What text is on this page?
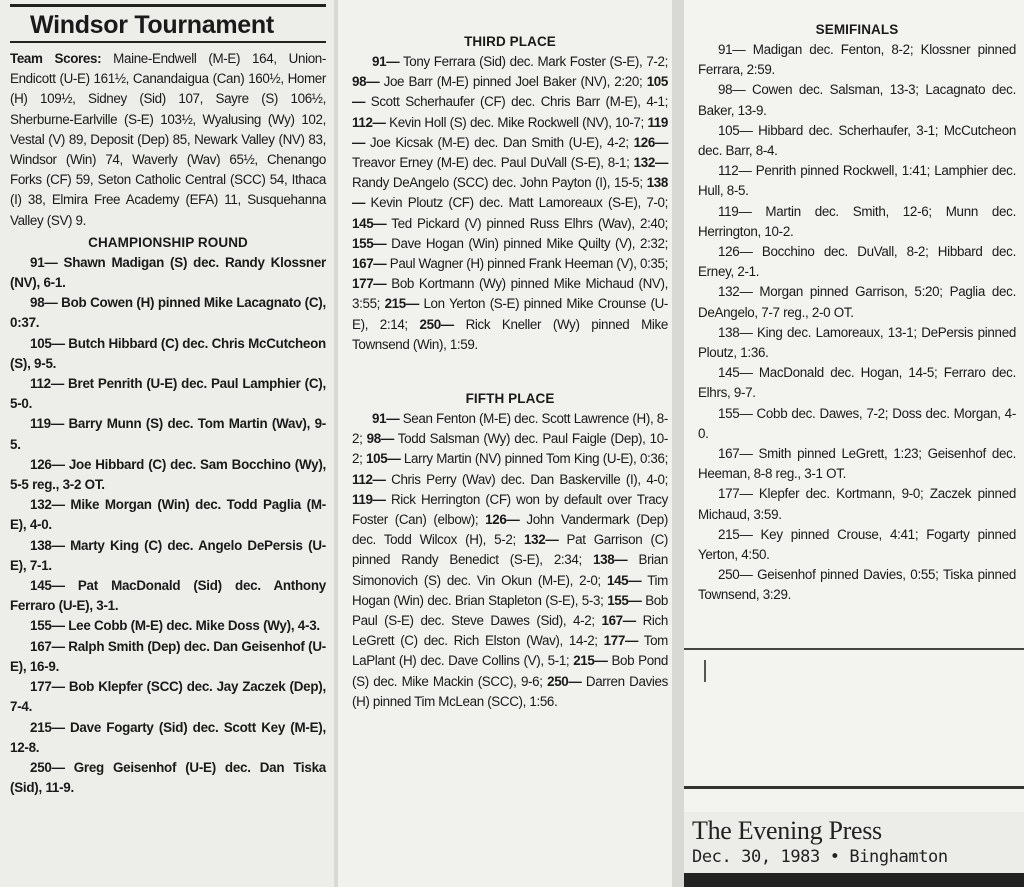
Windsor Tournament

Team Scores: Maine-Endwell (M-E) 164, Union-Endicott (U-E) 161½, Canandaigua (Can) 160½, Homer (H) 109½, Sidney (Sid) 107, Sayre (S) 106½, Sherburne-Earlville (S-E) 103½, Wyalusing (Wy) 102, Vestal (V) 89, Deposit (Dep) 85, Newark Valley (NV) 83, Windsor (Win) 74, Waverly (Wav) 65½, Chenango Forks (CF) 59, Seton Catholic Central (SCC) 54, Ithaca (I) 38, Elmira Free Academy (EFA) 11, Susquehanna Valley (SV) 9.

CHAMPIONSHIP ROUND

91— Shawn Madigan (S) dec. Randy Klossner (NV), 6-1.

98— Bob Cowen (H) pinned Mike Lacagnato (C), 0:37.

105— Butch Hibbard (C) dec. Chris McCutcheon (S), 9-5.

112— Bret Penrith (U-E) dec. Paul Lamphier (C), 5-0.

119— Barry Munn (S) dec. Tom Martin (Wav), 9-5.

126— Joe Hibbard (C) dec. Sam Bocchino (Wy), 5-5 reg., 3-2 OT.

132— Mike Morgan (Win) dec. Todd Paglia (M-E), 4-0.

138— Marty King (C) dec. Angelo DePersis (U-E), 7-1.

145— Pat MacDonald (Sid) dec. Anthony Ferraro (U-E), 3-1.

155— Lee Cobb (M-E) dec. Mike Doss (Wy), 4-3.

167— Ralph Smith (Dep) dec. Dan Geisenhof (U-E), 16-9.

177— Bob Klepfer (SCC) dec. Jay Zaczek (Dep), 7-4.

215— Dave Fogarty (Sid) dec. Scott Key (M-E), 12-8.

250— Greg Geisenhof (U-E) dec. Dan Tiska (Sid), 11-9.

THIRD PLACE

91— Tony Ferrara (Sid) dec. Mark Foster (S-E), 7-2; 98— Joe Barr (M-E) pinned Joel Baker (NV), 2:20; 105— Scott Scherhaufer (CF) dec. Chris Barr (M-E), 4-1; 112— Kevin Holl (S) dec. Mike Rockwell (NV), 10-7; 119— Joe Kicsak (M-E) dec. Dan Smith (U-E), 4-2; 126— Treavor Erney (M-E) dec. Paul DuVall (S-E), 8-1; 132— Randy DeAngelo (SCC) dec. John Payton (I), 15-5; 138— Kevin Ploutz (CF) dec. Matt Lamoreaux (S-E), 7-0; 145— Ted Pickard (V) pinned Russ Elhrs (Wav), 2:40; 155— Dave Hogan (Win) pinned Mike Quilty (V), 2:32; 167— Paul Wagner (H) pinned Frank Heeman (V), 0:35; 177— Bob Kortmann (Wy) pinned Mike Michaud (NV), 3:55; 215— Lon Yerton (S-E) pinned Mike Crounse (U-E), 2:14; 250— Rick Kneller (Wy) pinned Mike Townsend (Win), 1:59.

FIFTH PLACE

91— Sean Fenton (M-E) dec. Scott Lawrence (H), 8-2; 98— Todd Salsman (Wy) dec. Paul Faigle (Dep), 10-2; 105— Larry Martin (NV) pinned Tom King (U-E), 0:36; 112— Chris Perry (Wav) dec. Dan Baskerville (I), 4-0; 119— Rick Herrington (CF) won by default over Tracy Foster (Can) (elbow); 126— John Vandermark (Dep) dec. Todd Wilcox (H), 5-2; 132— Pat Garrison (C) pinned Randy Benedict (S-E), 2:34; 138— Brian Simonovich (S) dec. Vin Okun (M-E), 2-0; 145— Tim Hogan (Win) dec. Brian Stapleton (S-E), 5-3; 155— Bob Paul (S-E) dec. Steve Dawes (Sid), 4-2; 167— Rich LeGrett (C) dec. Rich Elston (Wav), 14-2; 177— Tom LaPlant (H) dec. Dave Collins (V), 5-1; 215— Bob Pond (S) dec. Mike Mackin (SCC), 9-6; 250— Darren Davies (H) pinned Tim McLean (SCC), 1:56.

SEMIFINALS

91— Madigan dec. Fenton, 8-2; Klossner pinned Ferrara, 2:59.

98— Cowen dec. Salsman, 13-3; Lacagnato dec. Baker, 13-9.

105— Hibbard dec. Scherhaufer, 3-1; McCutcheon dec. Barr, 8-4.

112— Penrith pinned Rockwell, 1:41; Lamphier dec. Hull, 8-5.

119— Martin dec. Smith, 12-6; Munn dec. Herrington, 10-2.

126— Bocchino dec. DuVall, 8-2; Hibbard dec. Erney, 2-1.

132— Morgan pinned Garrison, 5:20; Paglia dec. DeAngelo, 7-7 reg., 2-0 OT.

138— King dec. Lamoreaux, 13-1; DePersis pinned Ploutz, 1:36.

145— MacDonald dec. Hogan, 14-5; Ferraro dec. Elhrs, 9-7.

155— Cobb dec. Dawes, 7-2; Doss dec. Morgan, 4-0.

167— Smith pinned LeGrett, 1:23; Geisenhof dec. Heeman, 8-8 reg., 3-1 OT.

177— Klepfer dec. Kortmann, 9-0; Zaczek pinned Michaud, 3:59.

215— Key pinned Crouse, 4:41; Fogarty pinned Yerton, 4:50.

250— Geisenhof pinned Davies, 0:55; Tiska pinned Townsend, 3:29.

The Evening Press
Dec. 30, 1983 • Binghamton
